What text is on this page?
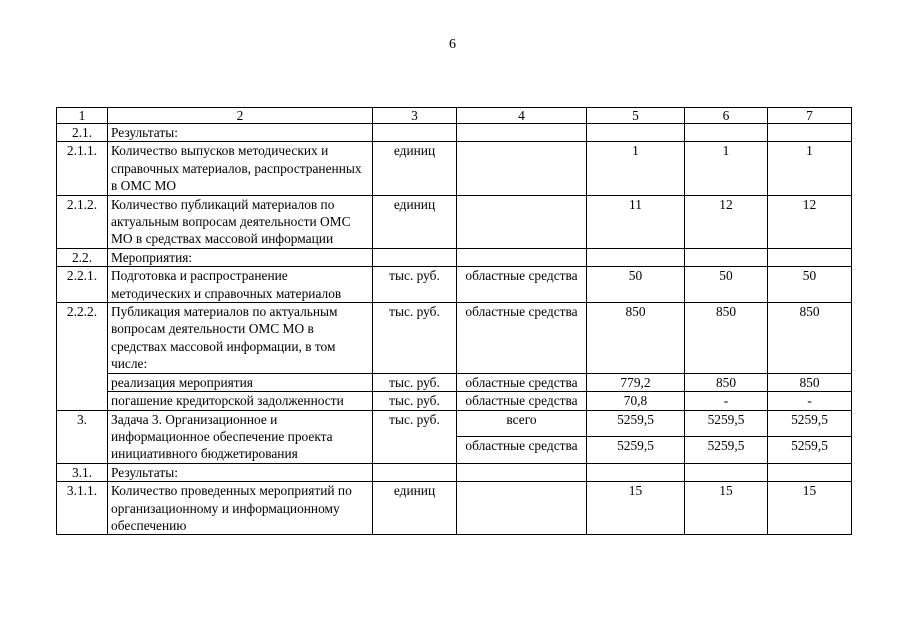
6
1	2	3	4	5	6	7
2.1.	Результаты:					
2.1.1.	Количество выпусков методических и справочных материалов, распространенных в ОМС МО	единиц		1	1	1
2.1.2.	Количество публикаций материалов по актуальным вопросам деятельности ОМС МО в средствах массовой информации	единиц		11	12	12
2.2.	Мероприятия:					
2.2.1.	Подготовка и распространение методических и справочных материалов	тыс. руб.	областные средства	50	50	50
2.2.2.	Публикация материалов по актуальным вопросам деятельности ОМС МО в средствах массовой информации, в том числе:	тыс. руб.	областные средства	850	850	850
	реализация мероприятия	тыс. руб.	областные средства	779,2	850	850
	погашение кредиторской задолженности	тыс. руб.	областные средства	70,8	-	-
3.	Задача 3. Организационное и информационное обеспечение проекта инициативного бюджетирования	тыс. руб.	всего	5259,5	5259,5	5259,5
			областные средства	5259,5	5259,5	5259,5
3.1.	Результаты:					
3.1.1.	Количество проведенных мероприятий по организационному и информационному обеспечению	единиц		15	15	15
